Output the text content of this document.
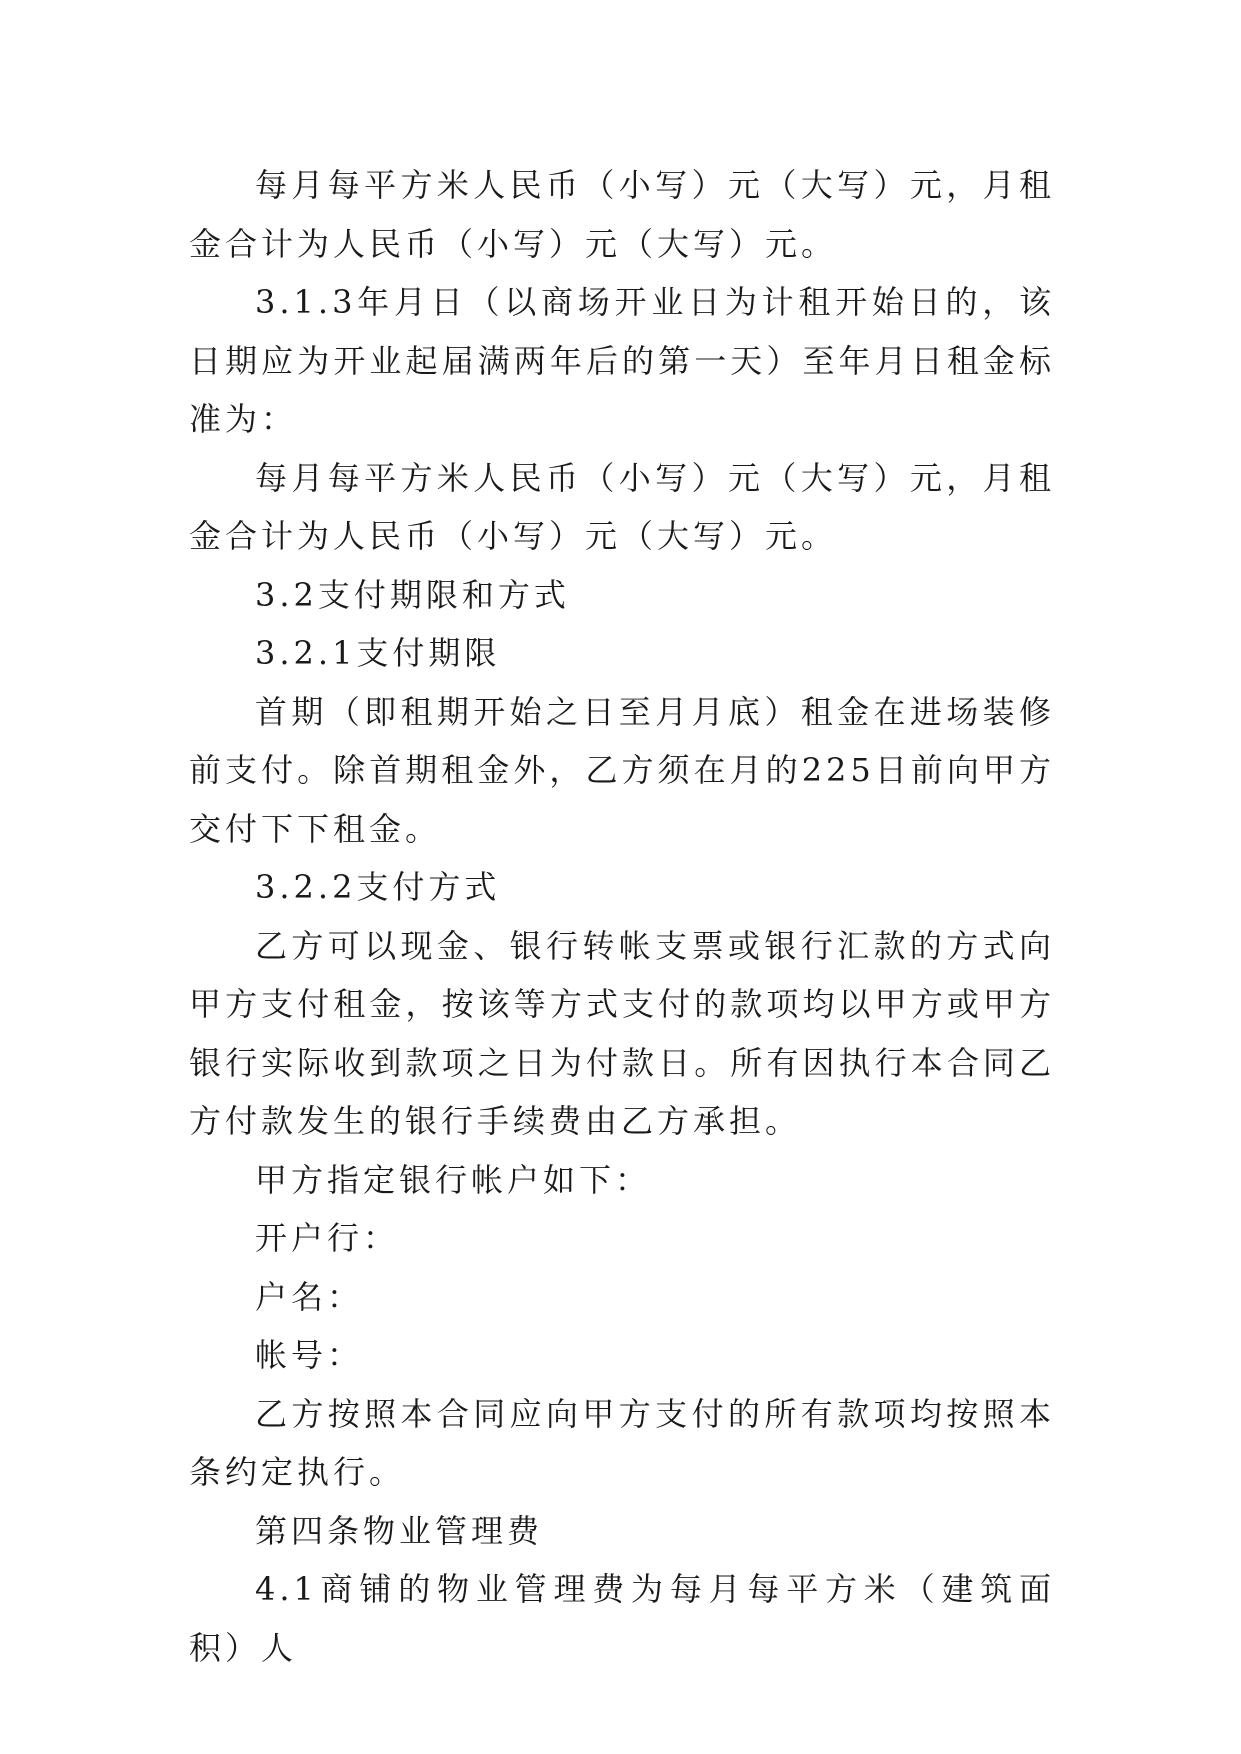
每月每平方米人民币（小写）元（大写）元，月租金合计为人民币（小写）元（大写）元。

3.1.3年月日（以商场开业日为计租开始日的，该日期应为开业起届满两年后的第一天）至年月日租金标准为：

每月每平方米人民币（小写）元（大写）元，月租金合计为人民币（小写）元（大写）元。

3.2支付期限和方式

3.2.1支付期限

首期（即租期开始之日至月月底）租金在进场装修前支付。除首期租金外，乙方须在月的225日前向甲方交付下下租金。

3.2.2支付方式

乙方可以现金、银行转帐支票或银行汇款的方式向甲方支付租金，按该等方式支付的款项均以甲方或甲方银行实际收到款项之日为付款日。所有因执行本合同乙方付款发生的银行手续费由乙方承担。

甲方指定银行帐户如下：

开户行：

户名：

帐号：

乙方按照本合同应向甲方支付的所有款项均按照本条约定执行。

第四条物业管理费

4.1商铺的物业管理费为每月每平方米（建筑面积）人
